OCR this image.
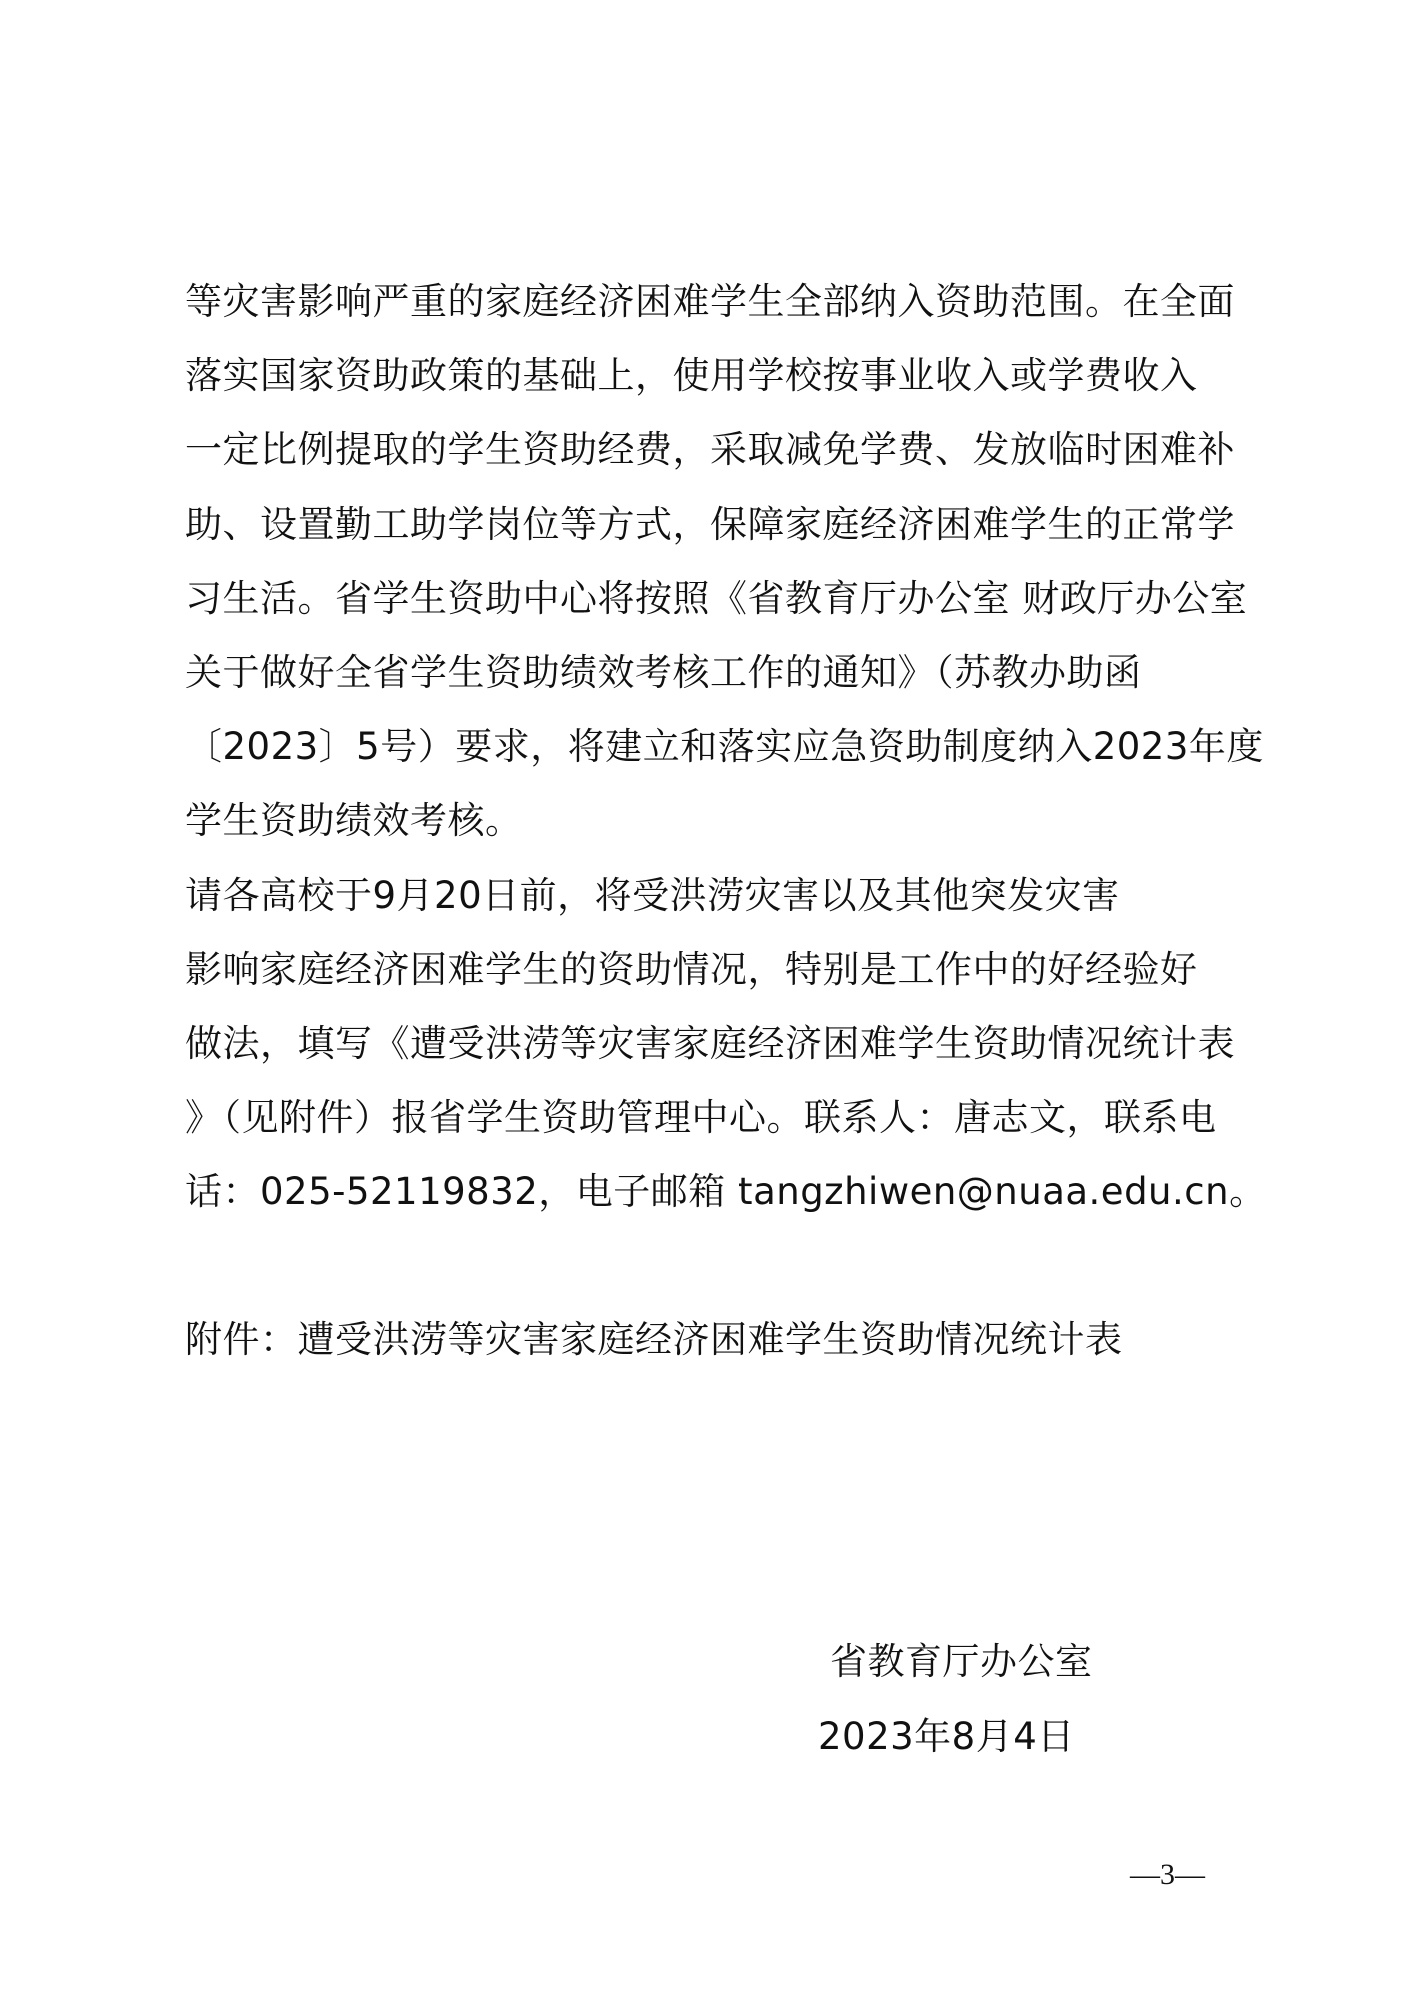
等灾害影响严重的家庭经济困难学生全部纳入资助范围。在全面
落实国家资助政策的基础上，使用学校按事业收入或学费收入
一定比例提取的学生资助经费，采取减免学费、发放临时困难补
助、设置勤工助学岗位等方式，保障家庭经济困难学生的正常学
习生活。省学生资助中心将按照《省教育厅办公室 财政厅办公室
关于做好全省学生资助绩效考核工作的通知》（苏教办助函
〔2023〕5号）要求，将建立和落实应急资助制度纳入2023年度
学生资助绩效考核。
请各高校于9月20日前，将受洪涝灾害以及其他突发灾害
影响家庭经济困难学生的资助情况，特别是工作中的好经验好
做法，填写《遭受洪涝等灾害家庭经济困难学生资助情况统计表
》（见附件）报省学生资助管理中心。联系人：唐志文，联系电
话：025-52119832，电子邮箱 tangzhiwen@nuaa.edu.cn。
附件：遭受洪涝等灾害家庭经济困难学生资助情况统计表
省教育厅办公室
2023年8月4日
—3—
